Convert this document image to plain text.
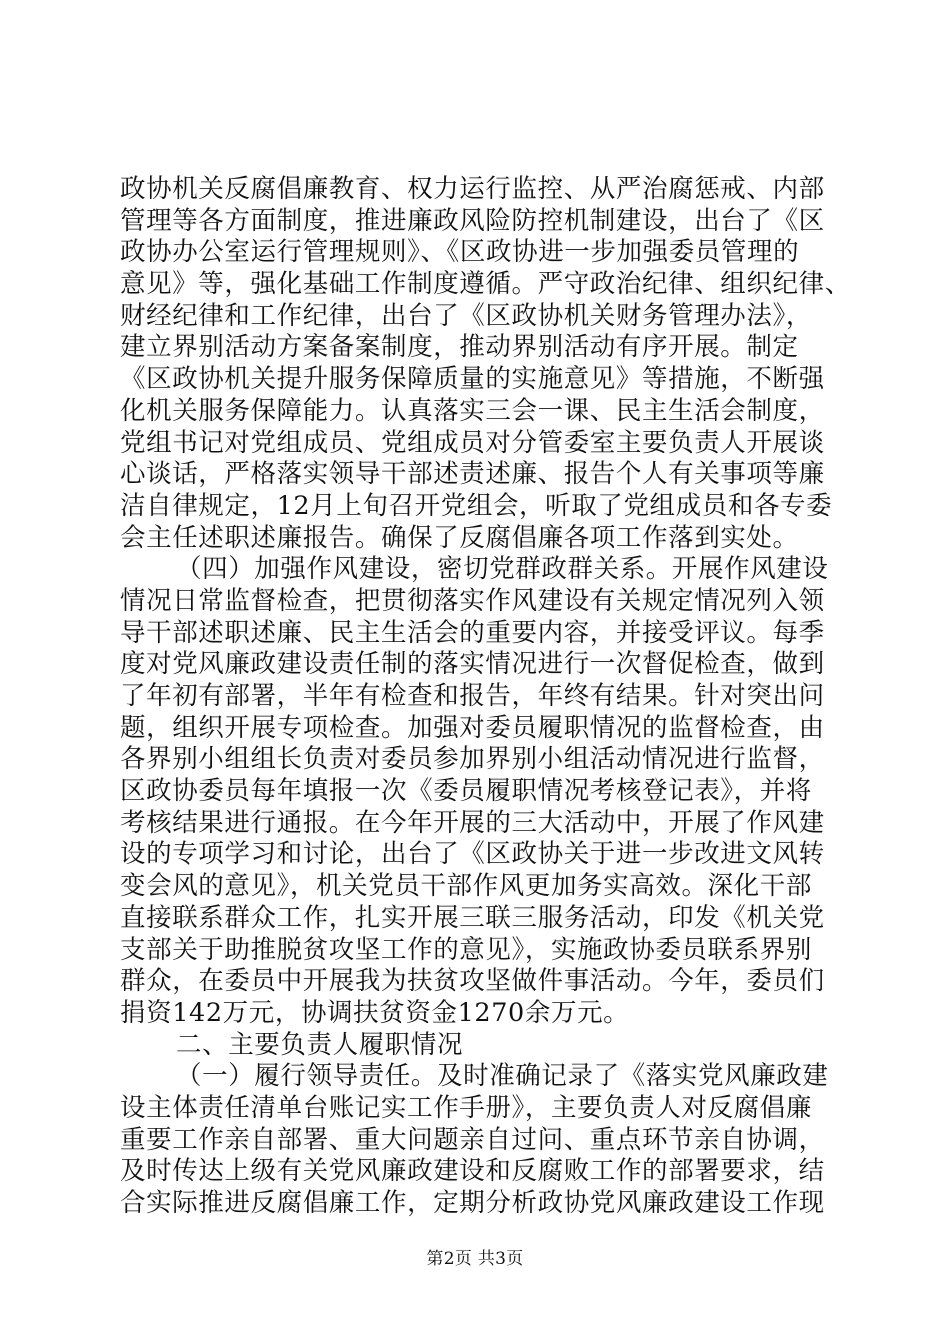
政协机关反腐倡廉教育、权力运行监控、从严治腐惩戒、内部
管理等各方面制度，推进廉政风险防控机制建设，出台了《区
政协办公室运行管理规则》、《区政协进一步加强委员管理的
意见》等，强化基础工作制度遵循。严守政治纪律、组织纪律、
财经纪律和工作纪律，出台了《区政协机关财务管理办法》，
建立界别活动方案备案制度，推动界别活动有序开展。制定
《区政协机关提升服务保障质量的实施意见》等措施，不断强
化机关服务保障能力。认真落实三会一课、民主生活会制度，
党组书记对党组成员、党组成员对分管委室主要负责人开展谈
心谈话，严格落实领导干部述责述廉、报告个人有关事项等廉
洁自律规定，12月上旬召开党组会，听取了党组成员和各专委
会主任述职述廉报告。确保了反腐倡廉各项工作落到实处。
（四）加强作风建设，密切党群政群关系。开展作风建设
情况日常监督检查，把贯彻落实作风建设有关规定情况列入领
导干部述职述廉、民主生活会的重要内容，并接受评议。每季
度对党风廉政建设责任制的落实情况进行一次督促检查，做到
了年初有部署，半年有检查和报告，年终有结果。针对突出问
题，组织开展专项检查。加强对委员履职情况的监督检查，由
各界别小组组长负责对委员参加界别小组活动情况进行监督，
区政协委员每年填报一次《委员履职情况考核登记表》，并将
考核结果进行通报。在今年开展的三大活动中，开展了作风建
设的专项学习和讨论，出台了《区政协关于进一步改进文风转
变会风的意见》，机关党员干部作风更加务实高效。深化干部
直接联系群众工作，扎实开展三联三服务活动，印发《机关党
支部关于助推脱贫攻坚工作的意见》，实施政协委员联系界别
群众，在委员中开展我为扶贫攻坚做件事活动。今年，委员们
捐资142万元，协调扶贫资金1270余万元。
二、主要负责人履职情况
（一）履行领导责任。及时准确记录了《落实党风廉政建
设主体责任清单台账记实工作手册》，主要负责人对反腐倡廉
重要工作亲自部署、重大问题亲自过问、重点环节亲自协调，
及时传达上级有关党风廉政建设和反腐败工作的部署要求，结
合实际推进反腐倡廉工作，定期分析政协党风廉政建设工作现
第2页 共3页
